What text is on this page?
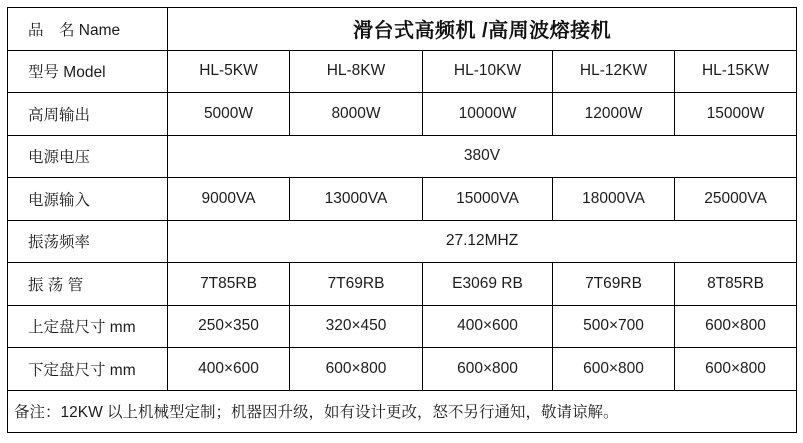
品　名 Name	滑台式高频机 /高周波熔接机				
型号 Model	HL-5KW	HL-8KW	HL-10KW	HL-12KW	HL-15KW
高周输出	5000W	8000W	10000W	12000W	15000W
电源电压	380V				
电源输入	9000VA	13000VA	15000VA	18000VA	25000VA
振荡频率	27.12MHZ				
振 荡 管	7T85RB	7T69RB	E3069 RB	7T69RB	8T85RB
上定盘尺寸 mm	250×350	320×450	400×600	500×700	600×800
下定盘尺寸 mm	400×600	600×800	600×800	600×800	600×800
备注：12KW 以上机械型定制；机器因升级，如有设计更改，怒不另行通知，敬请谅解。					
